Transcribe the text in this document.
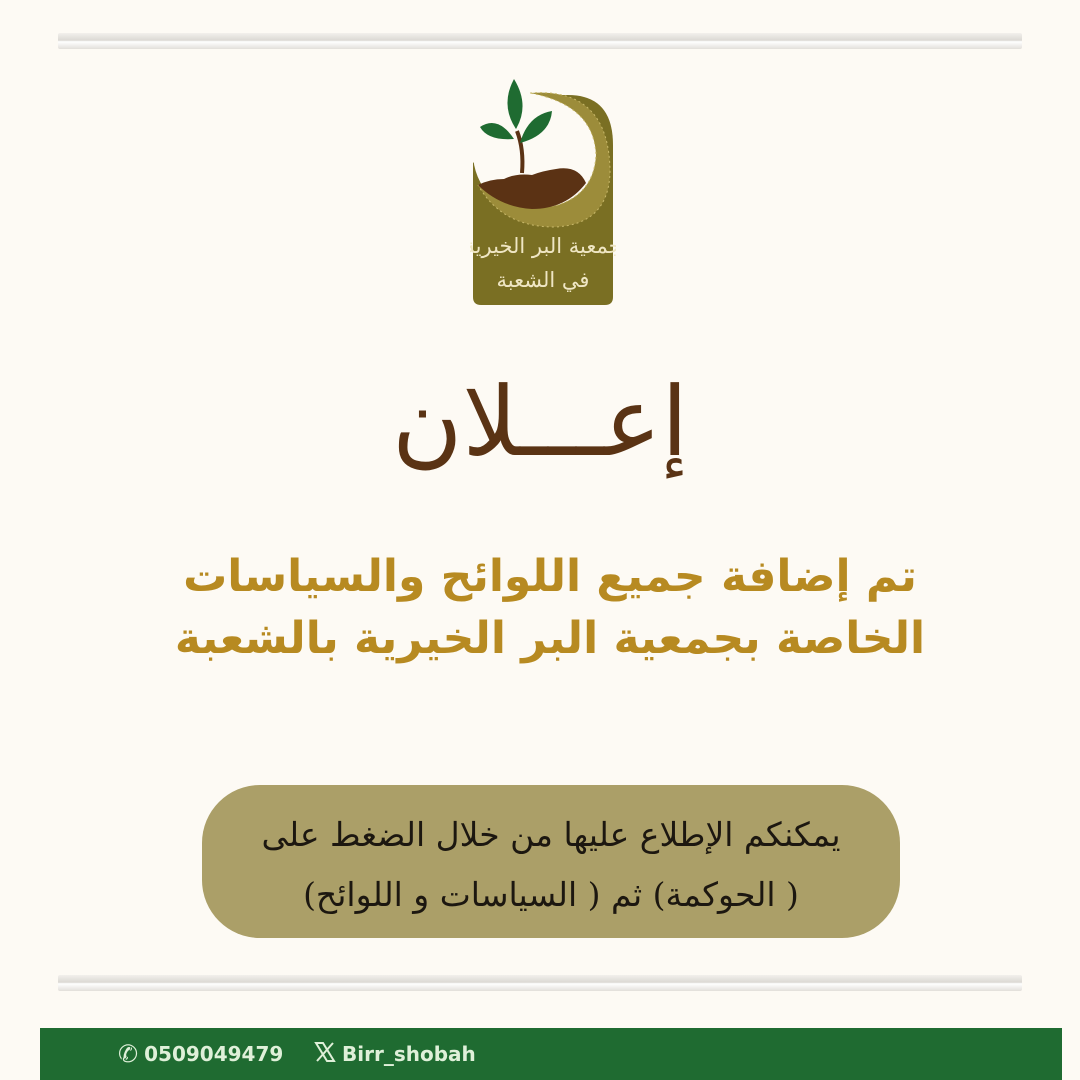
جمعية البر الخيرية
في الشعبة
إعـــلان
تم إضافة جميع اللوائح والسياسات
الخاصة بجمعية البر الخيرية بالشعبة
يمكنكم الإطلاع عليها من خلال الضغط على
( الحوكمة) ثم ( السياسات و اللوائح)
✆ 0509049479	Birr_shobah
